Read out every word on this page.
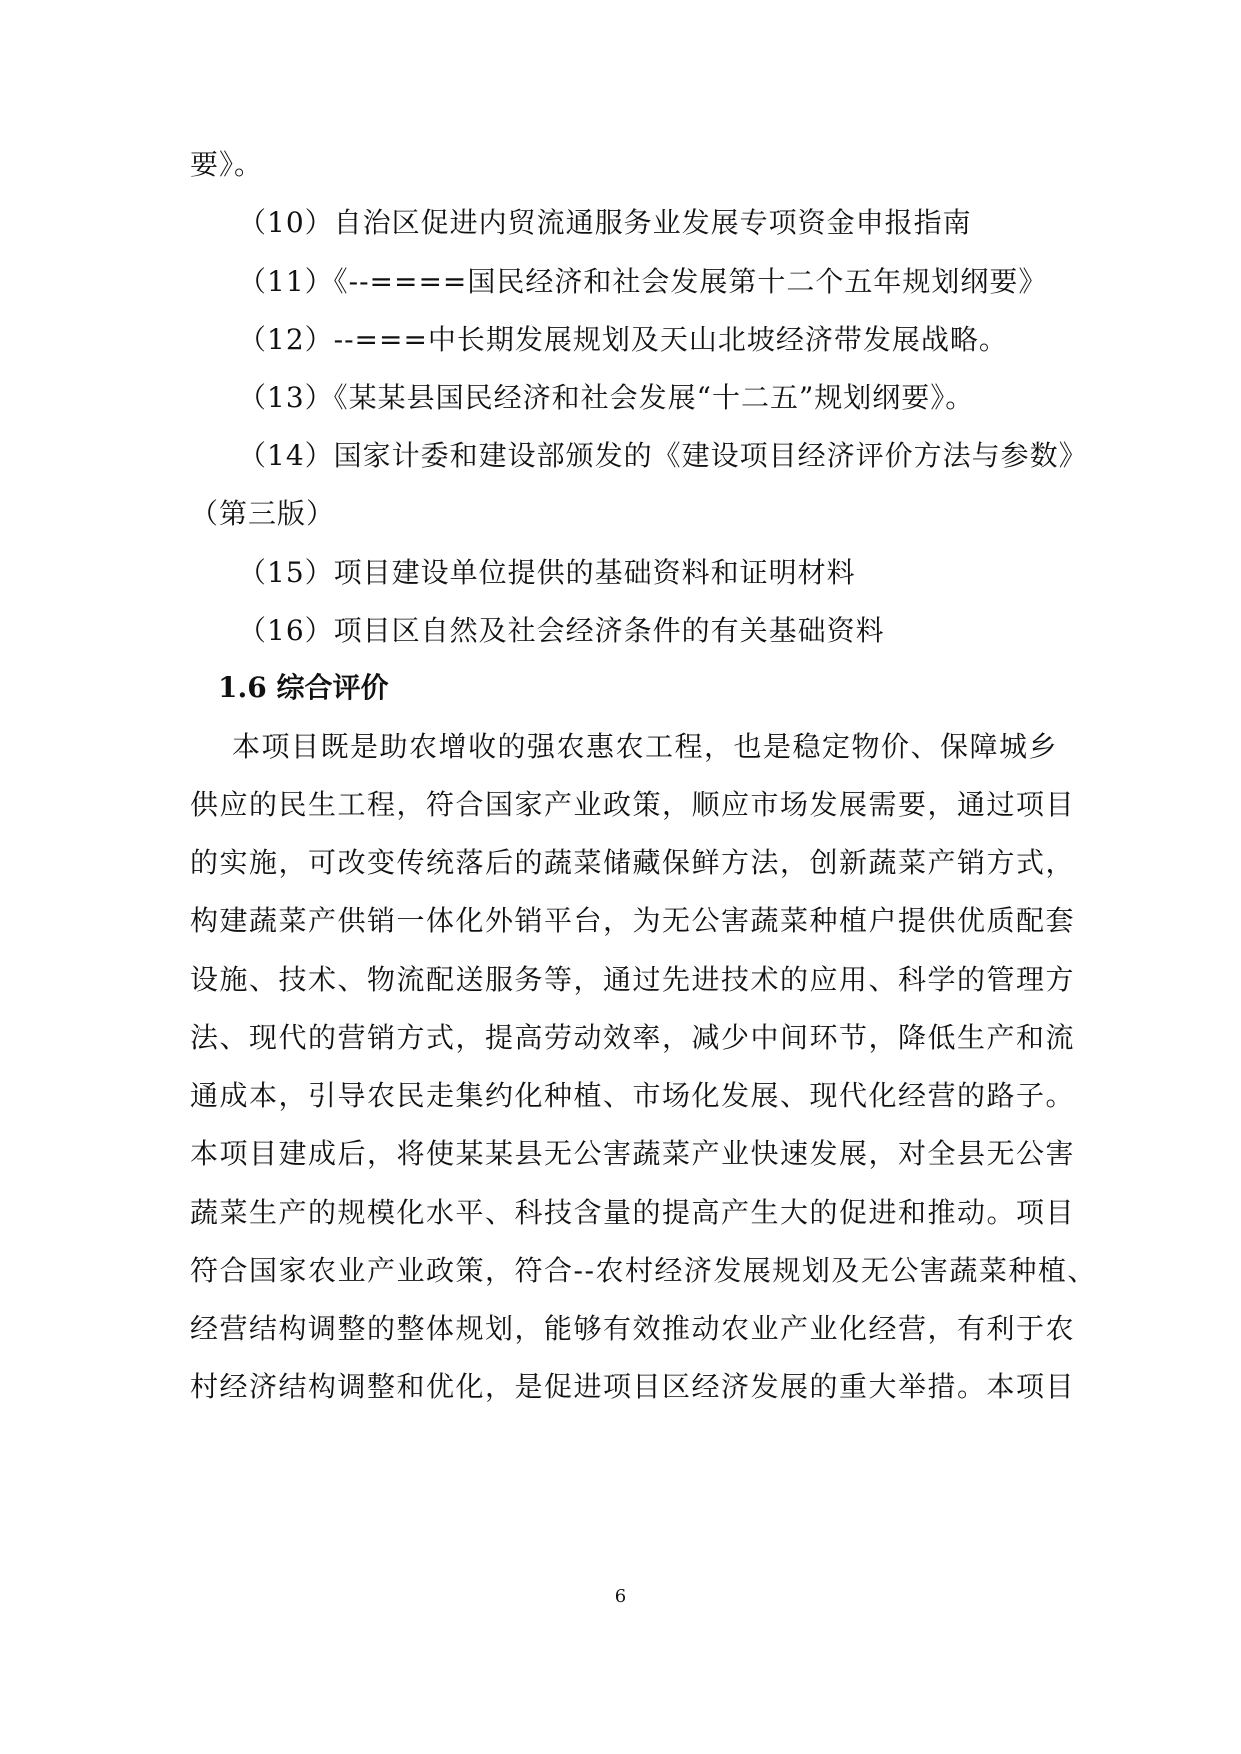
要》。
（10）自治区促进内贸流通服务业发展专项资金申报指南
（11）《--====国民经济和社会发展第十二个五年规划纲要》
（12）--===中长期发展规划及天山北坡经济带发展战略。
（13）《某某县国民经济和社会发展“十二五”规划纲要》。
（14）国家计委和建设部颁发的《建设项目经济评价方法与参数》
（第三版）
（15）项目建设单位提供的基础资料和证明材料
（16）项目区自然及社会经济条件的有关基础资料
1.6 综合评价
本项目既是助农增收的强农惠农工程，也是稳定物价、保障城乡
供应的民生工程，符合国家产业政策，顺应市场发展需要，通过项目
的实施，可改变传统落后的蔬菜储藏保鲜方法，创新蔬菜产销方式，
构建蔬菜产供销一体化外销平台，为无公害蔬菜种植户提供优质配套
设施、技术、物流配送服务等，通过先进技术的应用、科学的管理方
法、现代的营销方式，提高劳动效率，减少中间环节，降低生产和流
通成本，引导农民走集约化种植、市场化发展、现代化经营的路子。
本项目建成后，将使某某县无公害蔬菜产业快速发展，对全县无公害
蔬菜生产的规模化水平、科技含量的提高产生大的促进和推动。项目
符合国家农业产业政策，符合--农村经济发展规划及无公害蔬菜种植、
经营结构调整的整体规划，能够有效推动农业产业化经营，有利于农
村经济结构调整和优化，是促进项目区经济发展的重大举措。本项目
6
